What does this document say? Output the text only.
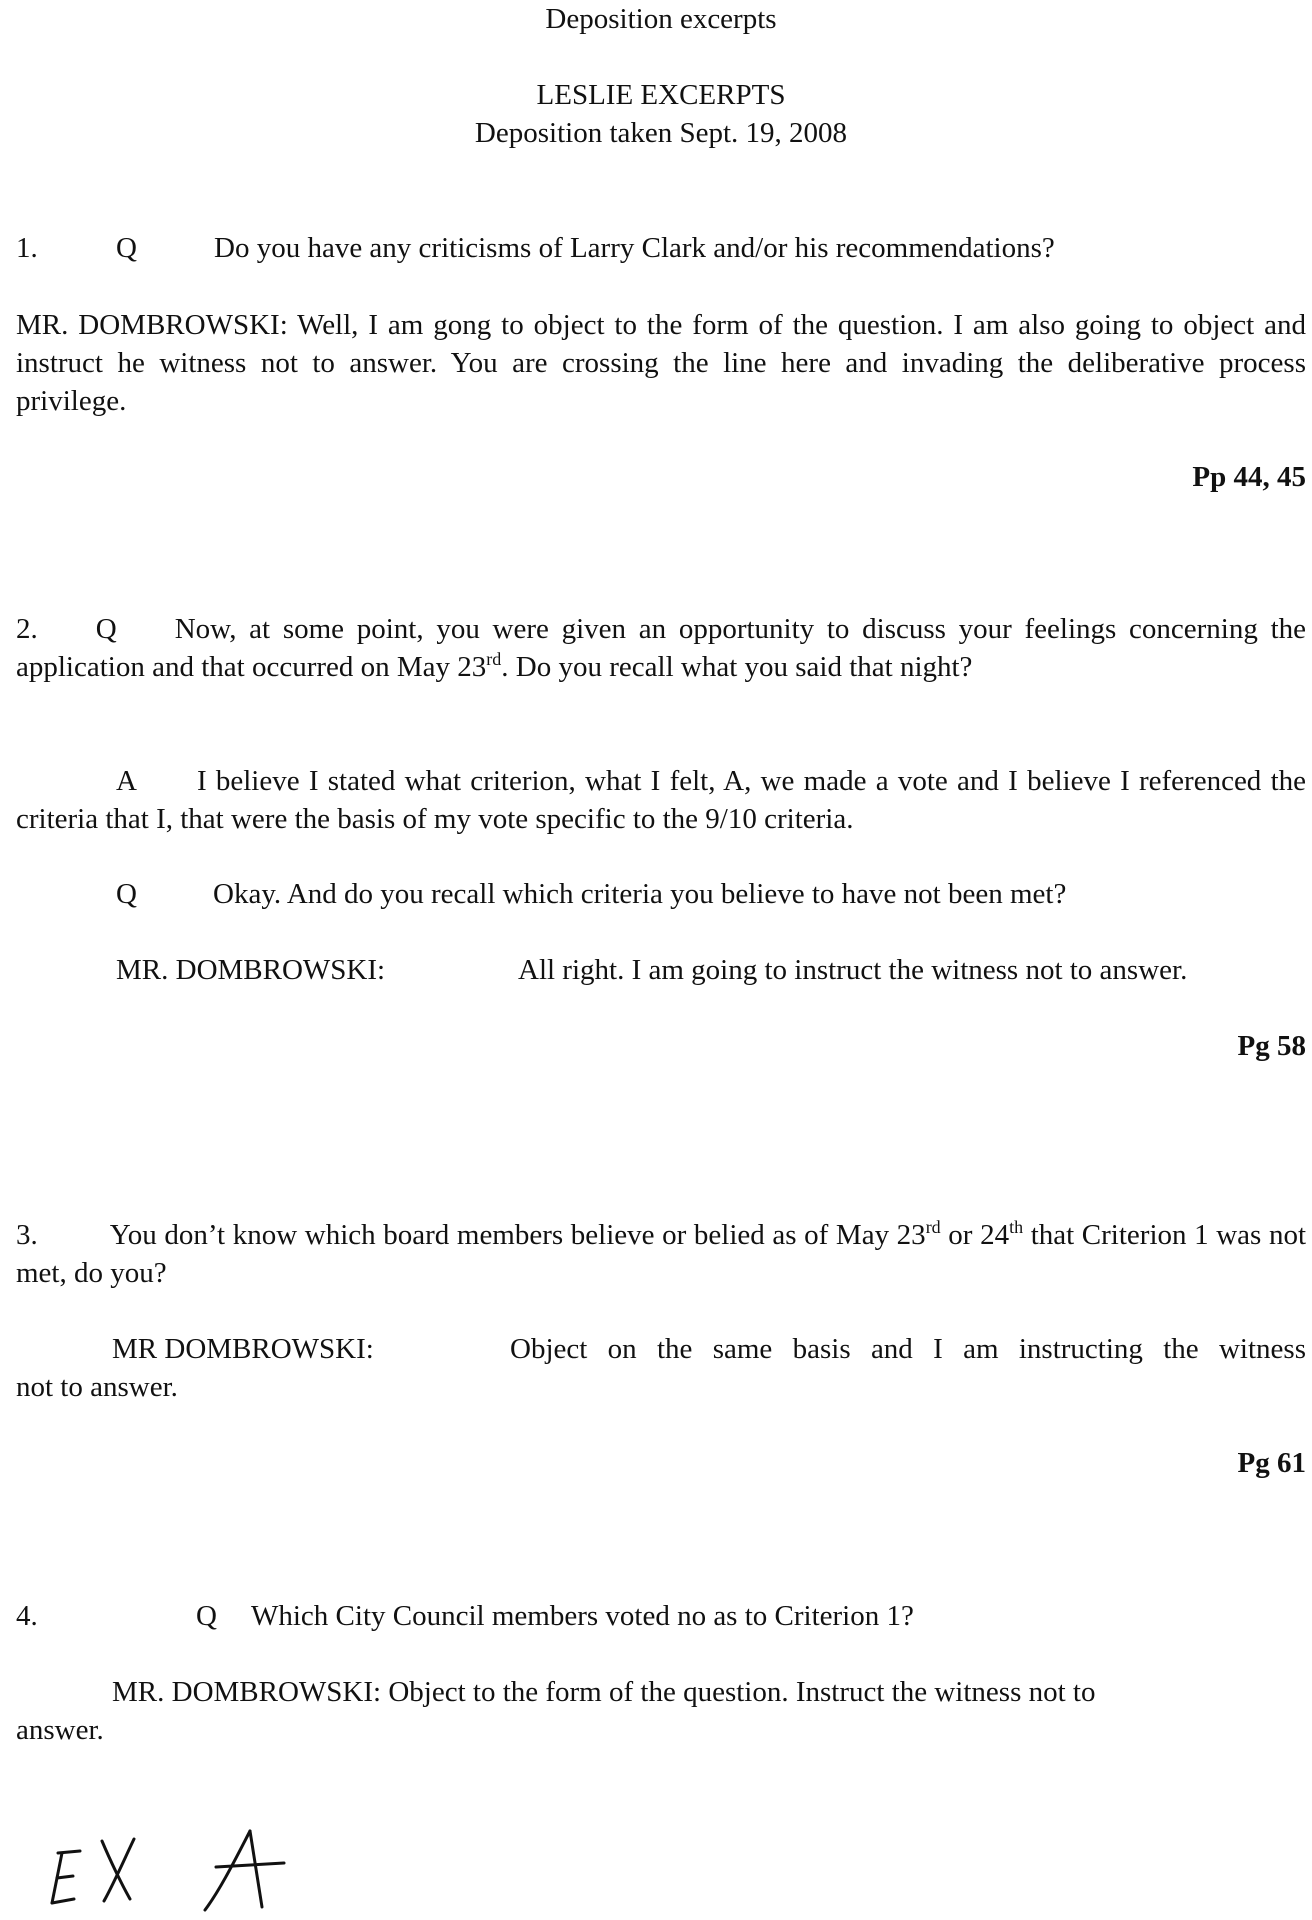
Deposition excerpts
LESLIE EXCERPTS
Deposition taken Sept. 19, 2008
1.	Q	Do you have any criticisms of Larry Clark and/or his recommendations?
MR. DOMBROWSKI: Well, I am gong to object to the form of the question. I am also going to object and instruct he witness not to answer. You are crossing the line here and invading the deliberative process privilege.
Pp 44, 45
2. Q Now, at some point, you were given an opportunity to discuss your feelings concerning the application and that occurred on May 23rd. Do you recall what you said that night?
A I believe I stated what criterion, what I felt, A, we made a vote and I believe I referenced the criteria that I, that were the basis of my vote specific to the 9/10 criteria.
Q	Okay. And do you recall which criteria you believe to have not been met?
MR. DOMBROWSKI:	All right. I am going to instruct the witness not to answer.
Pg 58
3. You don’t know which board members believe or belied as of May 23rd or 24th that Criterion 1 was not met, do you?
MR DOMBROWSKI:	Object on the same basis and I am instructing the witness
not to answer.
Pg 61
4.	Q	Which City Council members voted no as to Criterion 1?
MR. DOMBROWSKI: Object to the form of the question. Instruct the witness not to
answer.
